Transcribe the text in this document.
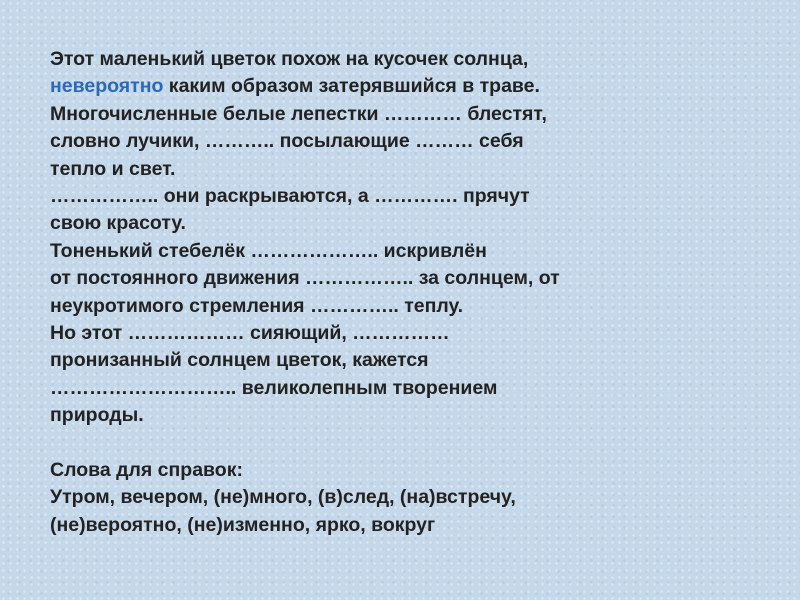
Этот маленький цветок похож на кусочек солнца,
невероятно каким образом затерявшийся в траве.
Многочисленные белые лепестки ………… блестят,
словно лучики, ……….. посылающие ……… себя
тепло и свет.
…………….. они раскрываются, а …………. прячут
свою красоту.
Тоненький стебелёк ……………….. искривлён
от постоянного движения …………….. за солнцем, от
неукротимого стремления ………….. теплу.
Но этот ……………… сияющий, ……………
пронизанный солнцем цветок, кажется
……………………….. великолепным творением
природы.
Слова для справок:
Утром, вечером, (не)много, (в)след, (на)встречу,
(не)вероятно, (не)изменно, ярко, вокруг
